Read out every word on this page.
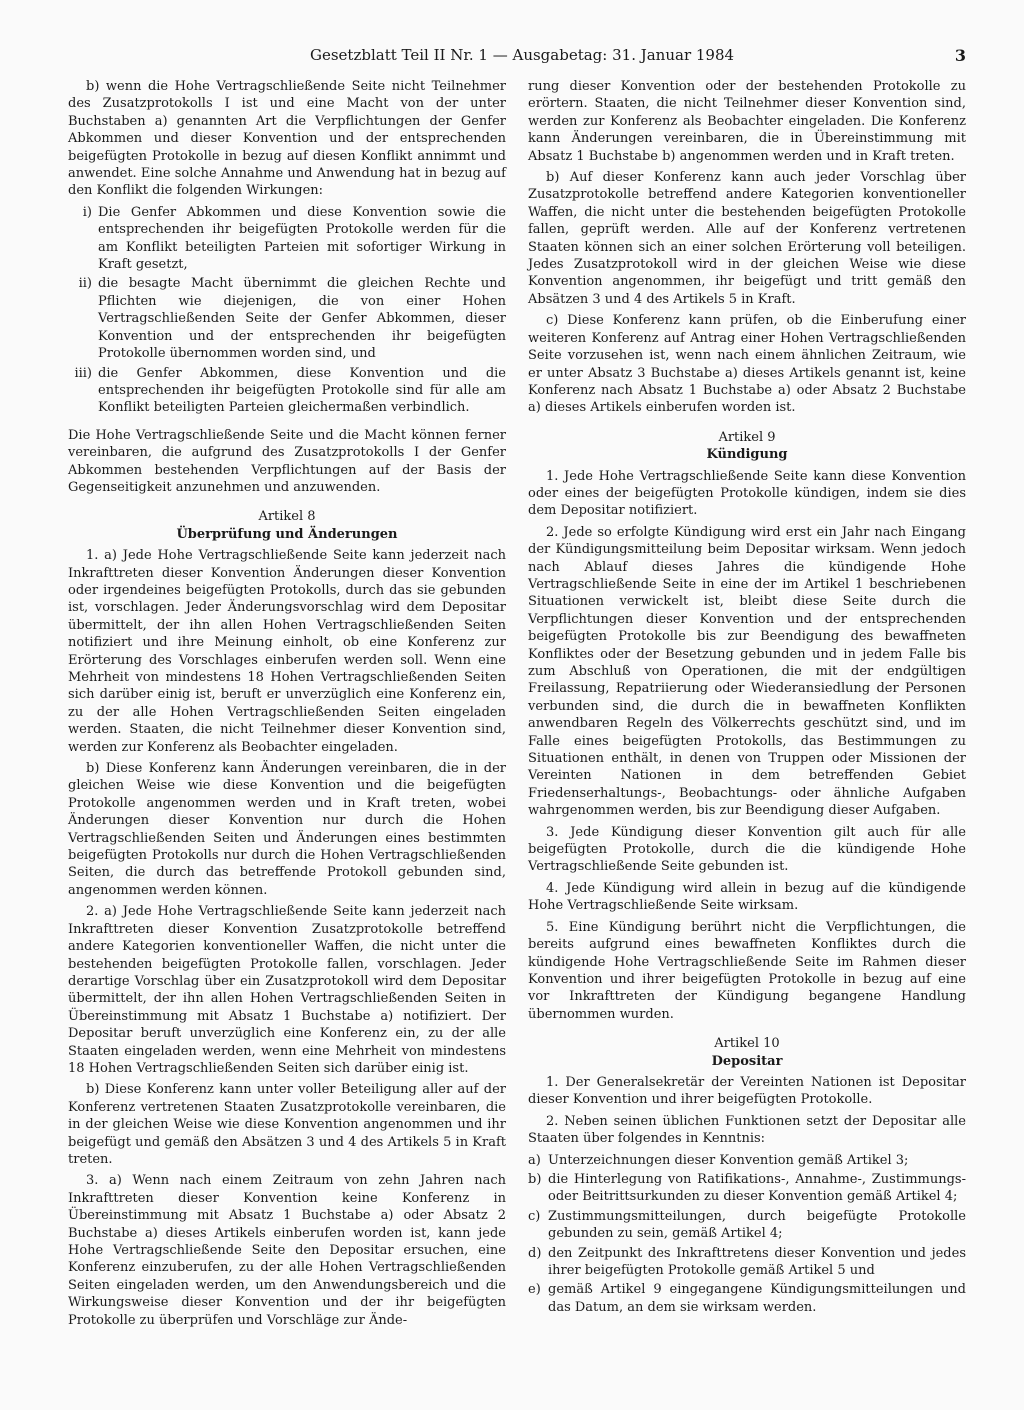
Gesetzblatt Teil II Nr. 1 — Ausgabetag: 31. Januar 1984	3

b) wenn die Hohe Vertragschließende Seite nicht Teilnehmer des Zusatzprotokolls I ist und eine Macht von der unter Buchstaben a) genannten Art die Verpflichtungen der Genfer Abkommen und dieser Konvention und der entsprechenden beigefügten Protokolle in bezug auf diesen Konflikt annimmt und anwendet. Eine solche Annahme und Anwendung hat in bezug auf den Konflikt die folgenden Wirkungen:

i) Die Genfer Abkommen und diese Konvention sowie die entsprechenden ihr beigefügten Protokolle werden für die am Konflikt beteiligten Parteien mit sofortiger Wirkung in Kraft gesetzt,
ii) die besagte Macht übernimmt die gleichen Rechte und Pflichten wie diejenigen, die von einer Hohen Vertragschließenden Seite der Genfer Abkommen, dieser Konvention und der entsprechenden ihr beigefügten Protokolle übernommen worden sind, und
iii) die Genfer Abkommen, diese Konvention und die entsprechenden ihr beigefügten Protokolle sind für alle am Konflikt beteiligten Parteien gleichermaßen verbindlich.

Die Hohe Vertragschließende Seite und die Macht können ferner vereinbaren, die aufgrund des Zusatzprotokolls I der Genfer Abkommen bestehenden Verpflichtungen auf der Basis der Gegenseitigkeit anzunehmen und anzuwenden.

Artikel 8

Überprüfung und Änderungen

1. a) Jede Hohe Vertragschließende Seite kann jederzeit nach Inkrafttreten dieser Konvention Änderungen dieser Konvention oder irgendeines beigefügten Protokolls, durch das sie gebunden ist, vorschlagen. Jeder Änderungsvorschlag wird dem Depositar übermittelt, der ihn allen Hohen Vertragschließenden Seiten notifiziert und ihre Meinung einholt, ob eine Konferenz zur Erörterung des Vorschlages einberufen werden soll. Wenn eine Mehrheit von mindestens 18 Hohen Vertragschließenden Seiten sich darüber einig ist, beruft er unverzüglich eine Konferenz ein, zu der alle Hohen Vertragschließenden Seiten eingeladen werden. Staaten, die nicht Teilnehmer dieser Konvention sind, werden zur Konferenz als Beobachter eingeladen.

b) Diese Konferenz kann Änderungen vereinbaren, die in der gleichen Weise wie diese Konvention und die beigefügten Protokolle angenommen werden und in Kraft treten, wobei Änderungen dieser Konvention nur durch die Hohen Vertragschließenden Seiten und Änderungen eines bestimmten beigefügten Protokolls nur durch die Hohen Vertragschließenden Seiten, die durch das betreffende Protokoll gebunden sind, angenommen werden können.

2. a) Jede Hohe Vertragschließende Seite kann jederzeit nach Inkrafttreten dieser Konvention Zusatzprotokolle betreffend andere Kategorien konventioneller Waffen, die nicht unter die bestehenden beigefügten Protokolle fallen, vorschlagen. Jeder derartige Vorschlag über ein Zusatzprotokoll wird dem Depositar übermittelt, der ihn allen Hohen Vertragschließenden Seiten in Übereinstimmung mit Absatz 1 Buchstabe a) notifiziert. Der Depositar beruft unverzüglich eine Konferenz ein, zu der alle Staaten eingeladen werden, wenn eine Mehrheit von mindestens 18 Hohen Vertragschließenden Seiten sich darüber einig ist.

b) Diese Konferenz kann unter voller Beteiligung aller auf der Konferenz vertretenen Staaten Zusatzprotokolle vereinbaren, die in der gleichen Weise wie diese Konvention angenommen und ihr beigefügt und gemäß den Absätzen 3 und 4 des Artikels 5 in Kraft treten.

3. a) Wenn nach einem Zeitraum von zehn Jahren nach Inkrafttreten dieser Konvention keine Konferenz in Übereinstimmung mit Absatz 1 Buchstabe a) oder Absatz 2 Buchstabe a) dieses Artikels einberufen worden ist, kann jede Hohe Vertragschließende Seite den Depositar ersuchen, eine Konferenz einzuberufen, zu der alle Hohen Vertragschließenden Seiten eingeladen werden, um den Anwendungsbereich und die Wirkungsweise dieser Konvention und der ihr beigefügten Protokolle zu überprüfen und Vorschläge zur Ände-

rung dieser Konvention oder der bestehenden Protokolle zu erörtern. Staaten, die nicht Teilnehmer dieser Konvention sind, werden zur Konferenz als Beobachter eingeladen. Die Konferenz kann Änderungen vereinbaren, die in Übereinstimmung mit Absatz 1 Buchstabe b) angenommen werden und in Kraft treten.

b) Auf dieser Konferenz kann auch jeder Vorschlag über Zusatzprotokolle betreffend andere Kategorien konventioneller Waffen, die nicht unter die bestehenden beigefügten Protokolle fallen, geprüft werden. Alle auf der Konferenz vertretenen Staaten können sich an einer solchen Erörterung voll beteiligen. Jedes Zusatzprotokoll wird in der gleichen Weise wie diese Konvention angenommen, ihr beigefügt und tritt gemäß den Absätzen 3 und 4 des Artikels 5 in Kraft.

c) Diese Konferenz kann prüfen, ob die Einberufung einer weiteren Konferenz auf Antrag einer Hohen Vertragschließenden Seite vorzusehen ist, wenn nach einem ähnlichen Zeitraum, wie er unter Absatz 3 Buchstabe a) dieses Artikels genannt ist, keine Konferenz nach Absatz 1 Buchstabe a) oder Absatz 2 Buchstabe a) dieses Artikels einberufen worden ist.

Artikel 9

Kündigung

1. Jede Hohe Vertragschließende Seite kann diese Konvention oder eines der beigefügten Protokolle kündigen, indem sie dies dem Depositar notifiziert.

2. Jede so erfolgte Kündigung wird erst ein Jahr nach Eingang der Kündigungsmitteilung beim Depositar wirksam. Wenn jedoch nach Ablauf dieses Jahres die kündigende Hohe Vertragschließende Seite in eine der im Artikel 1 beschriebenen Situationen verwickelt ist, bleibt diese Seite durch die Verpflichtungen dieser Konvention und der entsprechenden beigefügten Protokolle bis zur Beendigung des bewaffneten Konfliktes oder der Besetzung gebunden und in jedem Falle bis zum Abschluß von Operationen, die mit der endgültigen Freilassung, Repatriierung oder Wiederansiedlung der Personen verbunden sind, die durch die in bewaffneten Konflikten anwendbaren Regeln des Völkerrechts geschützt sind, und im Falle eines beigefügten Protokolls, das Bestimmungen zu Situationen enthält, in denen von Truppen oder Missionen der Vereinten Nationen in dem betreffenden Gebiet Friedenserhaltungs-, Beobachtungs- oder ähnliche Aufgaben wahrgenommen werden, bis zur Beendigung dieser Aufgaben.

3. Jede Kündigung dieser Konvention gilt auch für alle beigefügten Protokolle, durch die die kündigende Hohe Vertragschließende Seite gebunden ist.

4. Jede Kündigung wird allein in bezug auf die kündigende Hohe Vertragschließende Seite wirksam.

5. Eine Kündigung berührt nicht die Verpflichtungen, die bereits aufgrund eines bewaffneten Konfliktes durch die kündigende Hohe Vertragschließende Seite im Rahmen dieser Konvention und ihrer beigefügten Protokolle in bezug auf eine vor Inkrafttreten der Kündigung begangene Handlung übernommen wurden.

Artikel 10

Depositar

1. Der Generalsekretär der Vereinten Nationen ist Depositar dieser Konvention und ihrer beigefügten Protokolle.

2. Neben seinen üblichen Funktionen setzt der Depositar alle Staaten über folgendes in Kenntnis:

a) Unterzeichnungen dieser Konvention gemäß Artikel 3;
b) die Hinterlegung von Ratifikations-, Annahme-, Zustimmungs- oder Beitrittsurkunden zu dieser Konvention gemäß Artikel 4;
c) Zustimmungsmitteilungen, durch beigefügte Protokolle gebunden zu sein, gemäß Artikel 4;
d) den Zeitpunkt des Inkrafttretens dieser Konvention und jedes ihrer beigefügten Protokolle gemäß Artikel 5 und
e) gemäß Artikel 9 eingegangene Kündigungsmitteilungen und das Datum, an dem sie wirksam werden.
